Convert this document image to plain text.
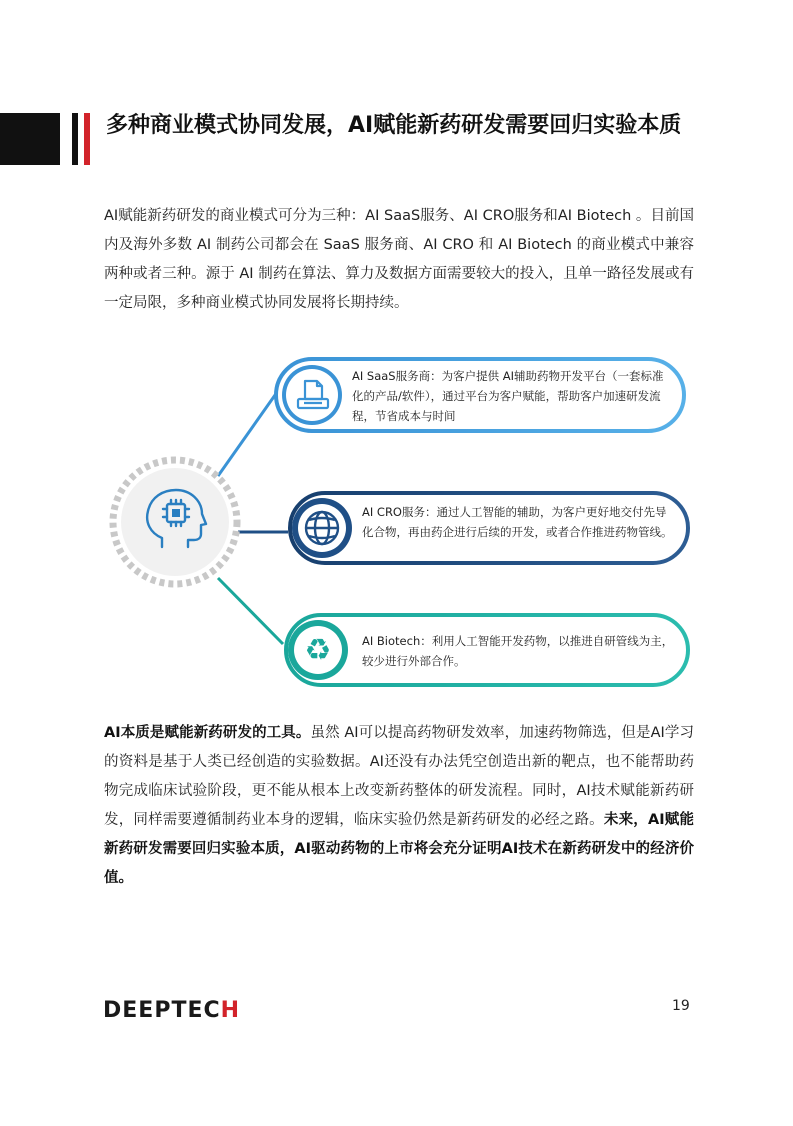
多种商业模式协同发展，AI赋能新药研发需要回归实验本质
AI赋能新药研发的商业模式可分为三种：AI SaaS服务、AI CRO服务和AI Biotech 。目前国内及海外多数 AI 制药公司都会在 SaaS 服务商、AI CRO 和 AI Biotech 的商业模式中兼容两种或者三种。源于 AI 制药在算法、算力及数据方面需要较大的投入，且单一路径发展或有一定局限，多种商业模式协同发展将长期持续。
♻
AI SaaS服务商：为客户提供 AI辅助药物开发平台（一套标准化的产品/软件），通过平台为客户赋能，帮助客户加速研发流程，节省成本与时间
AI CRO服务：通过人工智能的辅助，为客户更好地交付先导化合物，再由药企进行后续的开发，或者合作推进药物管线。
AI Biotech：利用人工智能开发药物，以推进自研管线为主，较少进行外部合作。
AI本质是赋能新药研发的工具。虽然 AI可以提高药物研发效率，加速药物筛选，但是AI学习的资料是基于人类已经创造的实验数据。AI还没有办法凭空创造出新的靶点，也不能帮助药物完成临床试验阶段，更不能从根本上改变新药整体的研发流程。同时，AI技术赋能新药研发，同样需要遵循制药业本身的逻辑，临床实验仍然是新药研发的必经之路。未来，AI赋能新药研发需要回归实验本质，AI驱动药物的上市将会充分证明AI技术在新药研发中的经济价值。
DEEPTECH	19
